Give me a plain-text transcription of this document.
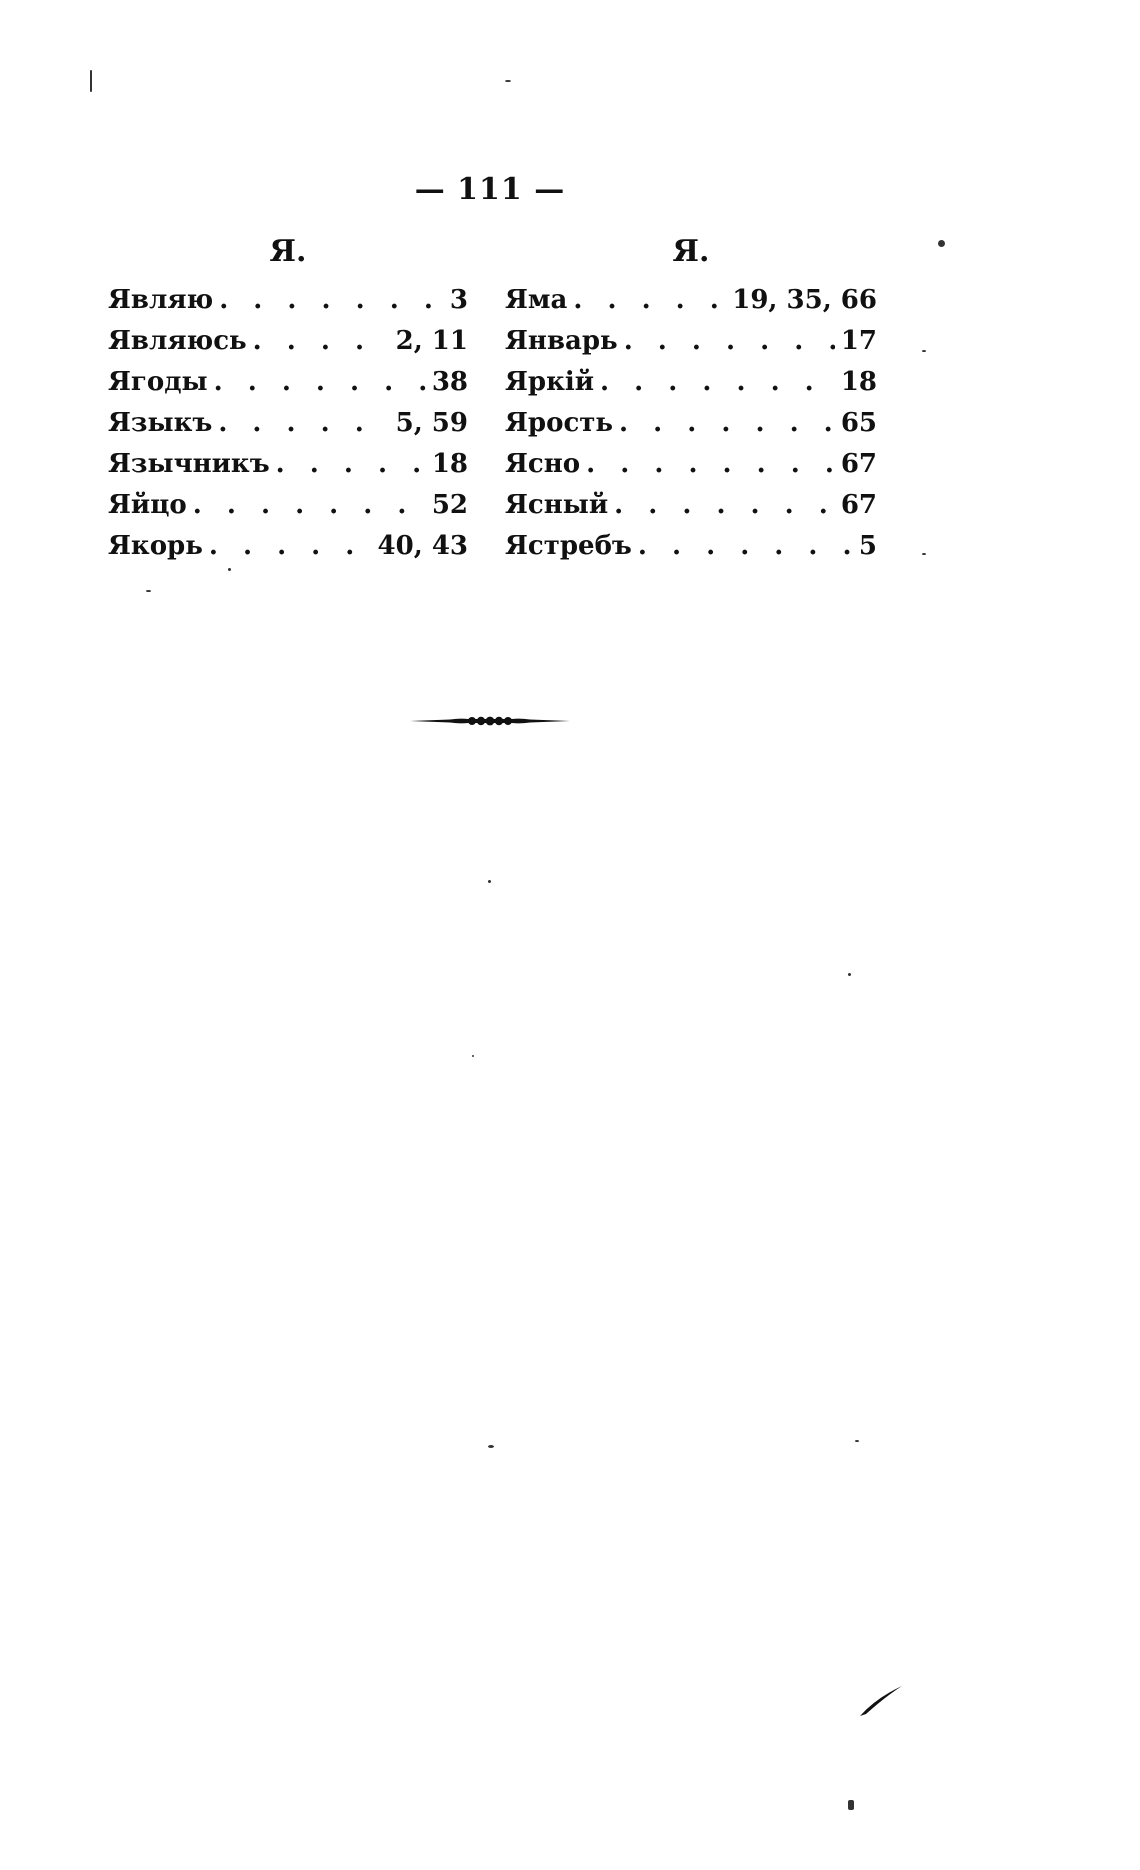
— 111 —
Я.
Являю . . .	3
Являюсь . . .	2, 11
Ягоды . . .	38
Языкъ . . .	5, 59
Язычникъ . . .	18
Яйцо . . .	52
Якорь . . .	40, 43
Я.
Яма . . .	19, 35, 66
Январь . . .	17
Яркій . . .	18
Ярость . . .	65
Ясно . . .	67
Ясный . . .	67
Ястребъ . . .	5
